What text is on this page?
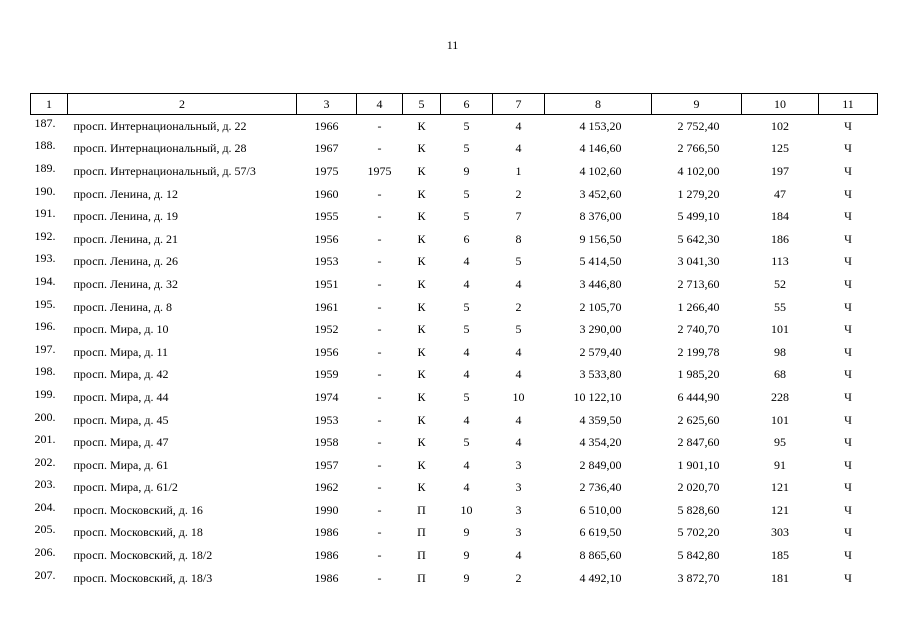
11
1	2	3	4	5	6	7	8	9	10	11
187.	просп. Интернациональный, д. 22	1966	-	К	5	4	4 153,20	2 752,40	102	Ч
188.	просп. Интернациональный, д. 28	1967	-	К	5	4	4 146,60	2 766,50	125	Ч
189.	просп. Интернациональный, д. 57/3	1975	1975	К	9	1	4 102,60	4 102,00	197	Ч
190.	просп. Ленина, д. 12	1960	-	К	5	2	3 452,60	1 279,20	47	Ч
191.	просп. Ленина, д. 19	1955	-	К	5	7	8 376,00	5 499,10	184	Ч
192.	просп. Ленина, д. 21	1956	-	К	6	8	9 156,50	5 642,30	186	Ч
193.	просп. Ленина, д. 26	1953	-	К	4	5	5 414,50	3 041,30	113	Ч
194.	просп. Ленина, д. 32	1951	-	К	4	4	3 446,80	2 713,60	52	Ч
195.	просп. Ленина, д. 8	1961	-	К	5	2	2 105,70	1 266,40	55	Ч
196.	просп. Мира, д. 10	1952	-	К	5	5	3 290,00	2 740,70	101	Ч
197.	просп. Мира, д. 11	1956	-	К	4	4	2 579,40	2 199,78	98	Ч
198.	просп. Мира, д. 42	1959	-	К	4	4	3 533,80	1 985,20	68	Ч
199.	просп. Мира, д. 44	1974	-	К	5	10	10 122,10	6 444,90	228	Ч
200.	просп. Мира, д. 45	1953	-	К	4	4	4 359,50	2 625,60	101	Ч
201.	просп. Мира, д. 47	1958	-	К	5	4	4 354,20	2 847,60	95	Ч
202.	просп. Мира, д. 61	1957	-	К	4	3	2 849,00	1 901,10	91	Ч
203.	просп. Мира, д. 61/2	1962	-	К	4	3	2 736,40	2 020,70	121	Ч
204.	просп. Московский, д. 16	1990	-	П	10	3	6 510,00	5 828,60	121	Ч
205.	просп. Московский, д. 18	1986	-	П	9	3	6 619,50	5 702,20	303	Ч
206.	просп. Московский, д. 18/2	1986	-	П	9	4	8 865,60	5 842,80	185	Ч
207.	просп. Московский, д. 18/3	1986	-	П	9	2	4 492,10	3 872,70	181	Ч
